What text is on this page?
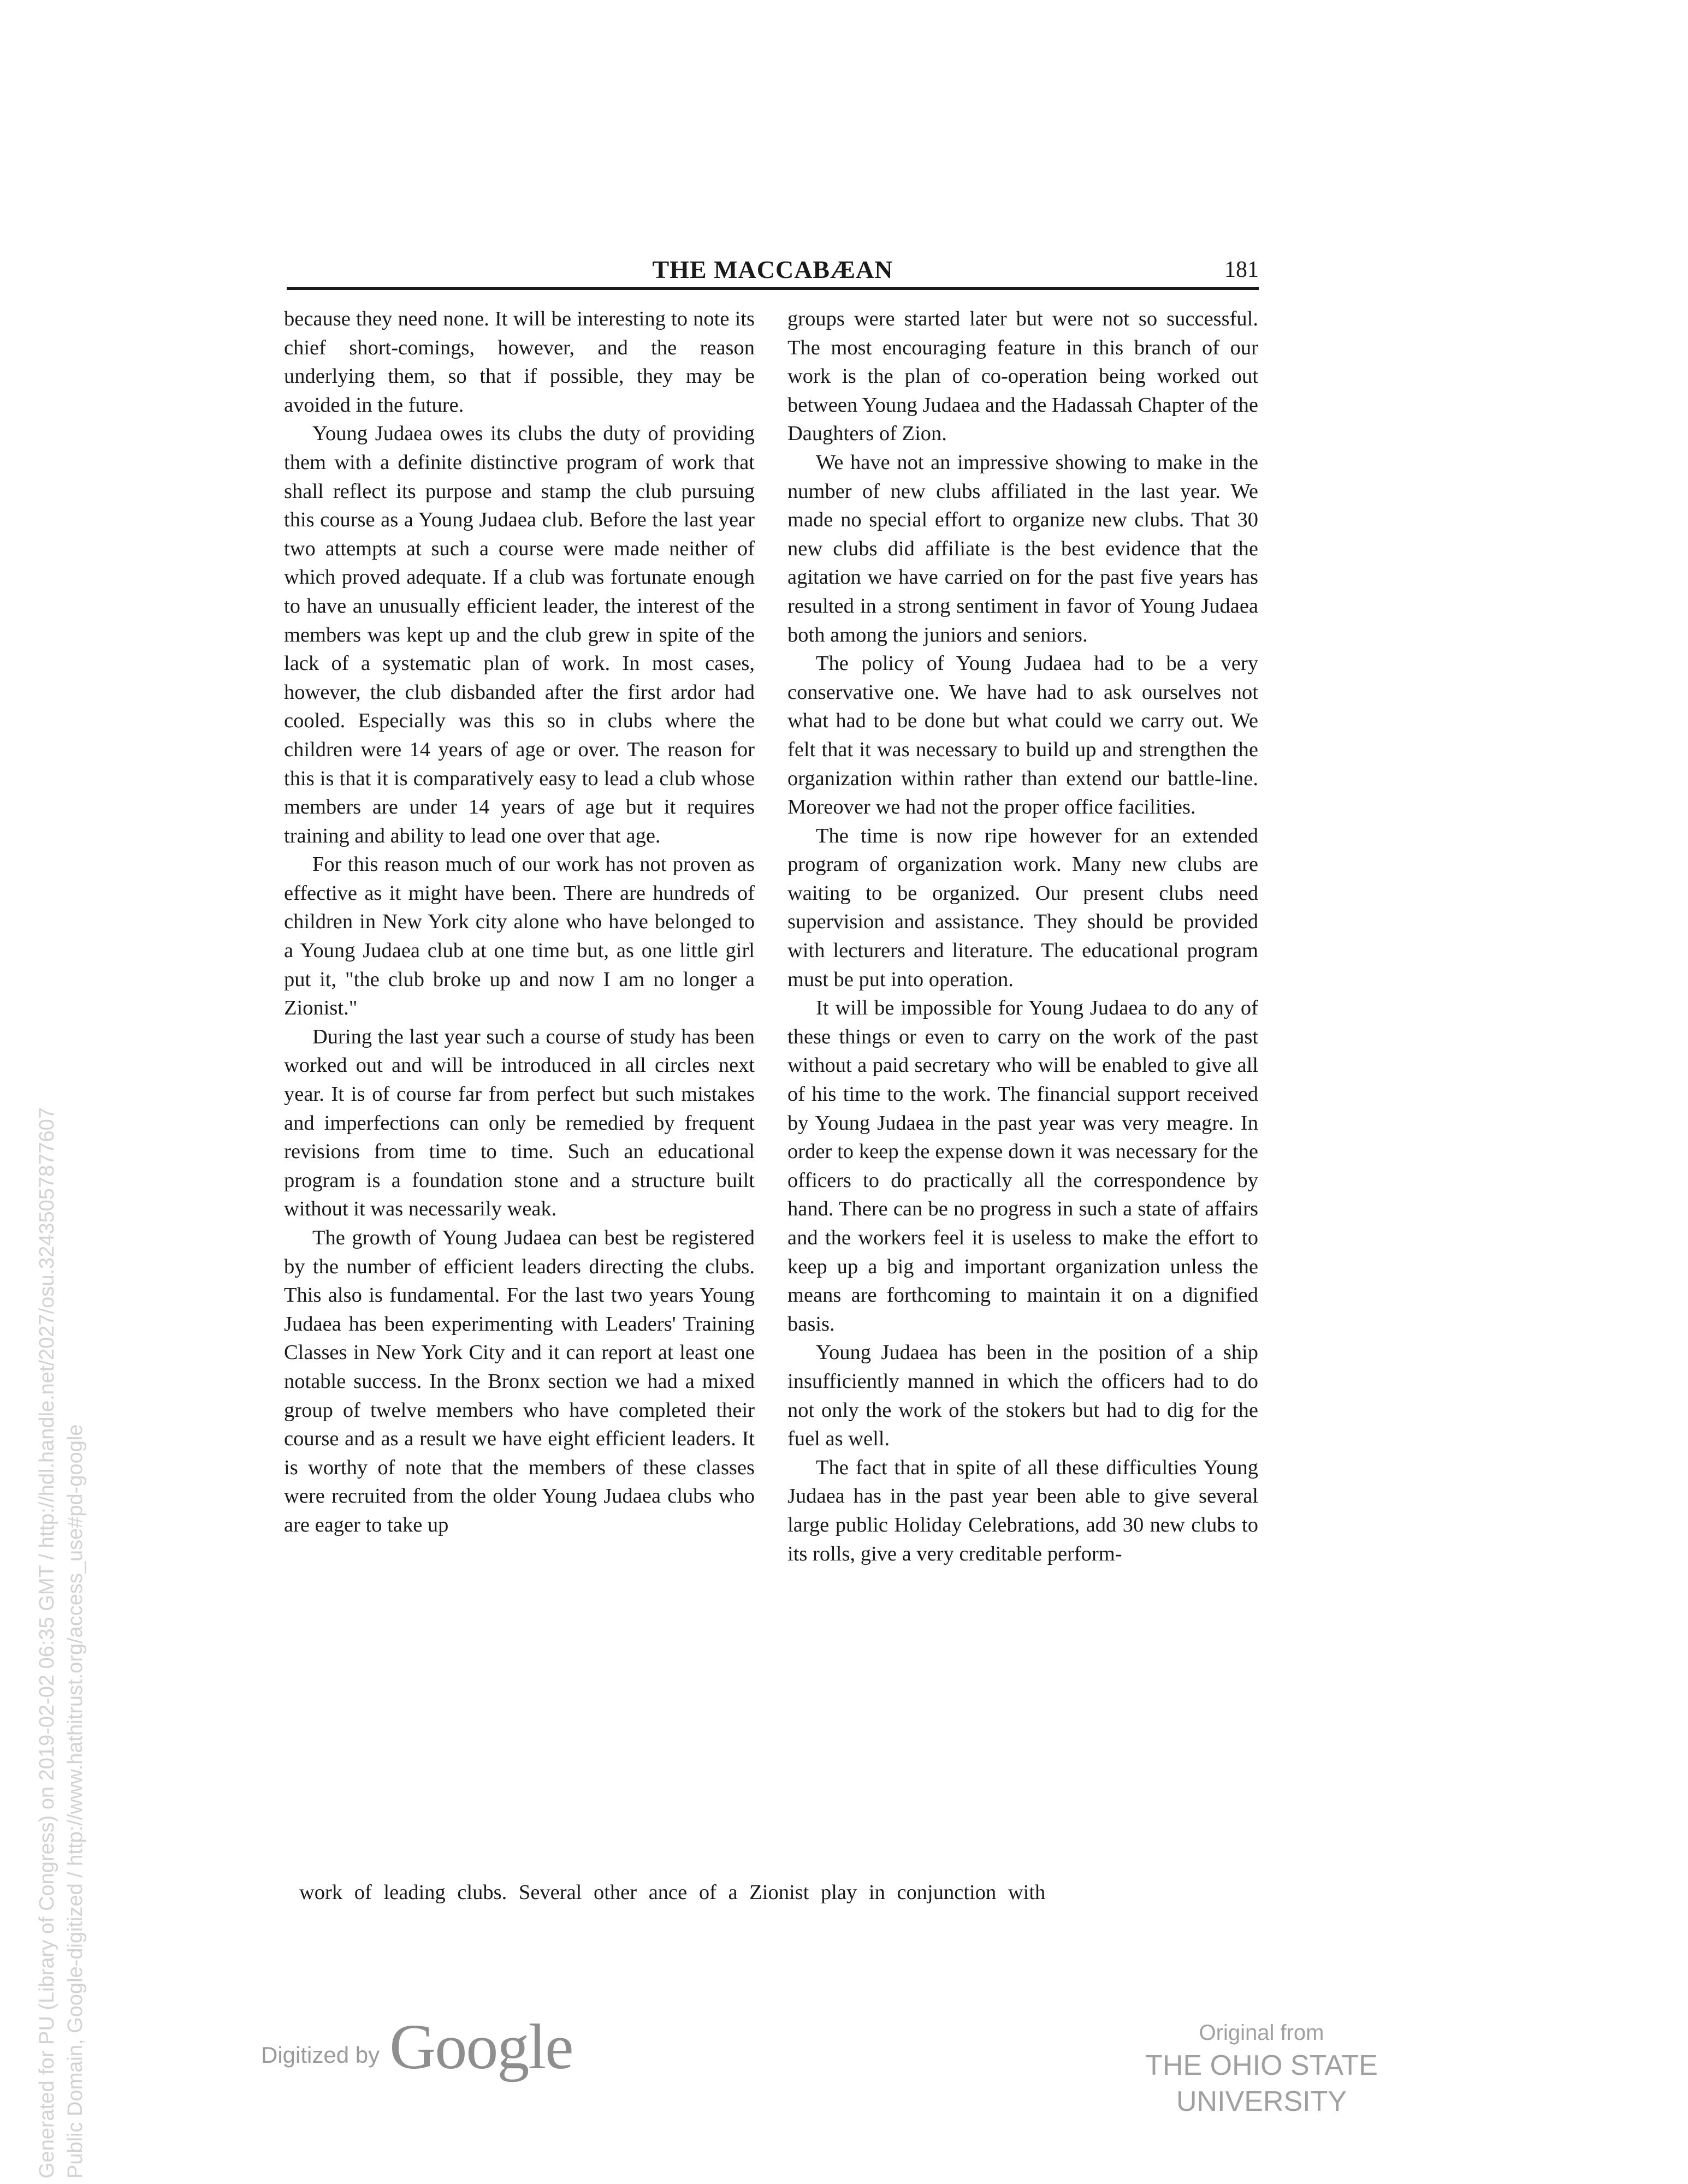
THE MACCABÆAN	181

because they need none. It will be interesting to note its chief short-comings, however, and the reason underlying them, so that if possible, they may be avoided in the future.

Young Judaea owes its clubs the duty of providing them with a definite distinctive program of work that shall reflect its purpose and stamp the club pursuing this course as a Young Judaea club. Before the last year two attempts at such a course were made neither of which proved adequate. If a club was fortunate enough to have an unusually efficient leader, the interest of the members was kept up and the club grew in spite of the lack of a systematic plan of work. In most cases, however, the club disbanded after the first ardor had cooled. Especially was this so in clubs where the children were 14 years of age or over. The reason for this is that it is comparatively easy to lead a club whose members are under 14 years of age but it requires training and ability to lead one over that age.

For this reason much of our work has not proven as effective as it might have been. There are hundreds of children in New York city alone who have belonged to a Young Judaea club at one time but, as one little girl put it, "the club broke up and now I am no longer a Zionist."

During the last year such a course of study has been worked out and will be introduced in all circles next year. It is of course far from perfect but such mistakes and imperfections can only be remedied by frequent revisions from time to time. Such an educational program is a foundation stone and a structure built without it was necessarily weak.

The growth of Young Judaea can best be registered by the number of efficient leaders directing the clubs. This also is fundamental. For the last two years Young Judaea has been experimenting with Leaders' Training Classes in New York City and it can report at least one notable success. In the Bronx section we had a mixed group of twelve members who have completed their course and as a result we have eight efficient leaders. It is worthy of note that the members of these classes were recruited from the older Young Judaea clubs who are eager to take up

groups were started later but were not so successful. The most encouraging feature in this branch of our work is the plan of co-operation being worked out between Young Judaea and the Hadassah Chapter of the Daughters of Zion.

We have not an impressive showing to make in the number of new clubs affiliated in the last year. We made no special effort to organize new clubs. That 30 new clubs did affiliate is the best evidence that the agitation we have carried on for the past five years has resulted in a strong sentiment in favor of Young Judaea both among the juniors and seniors.

The policy of Young Judaea had to be a very conservative one. We have had to ask ourselves not what had to be done but what could we carry out. We felt that it was necessary to build up and strengthen the organization within rather than extend our battle-line. Moreover we had not the proper office facilities.

The time is now ripe however for an extended program of organization work. Many new clubs are waiting to be organized. Our present clubs need supervision and assistance. They should be provided with lecturers and literature. The educational program must be put into operation.

It will be impossible for Young Judaea to do any of these things or even to carry on the work of the past without a paid secretary who will be enabled to give all of his time to the work. The financial support received by Young Judaea in the past year was very meagre. In order to keep the expense down it was necessary for the officers to do practically all the correspondence by hand. There can be no progress in such a state of affairs and the workers feel it is useless to make the effort to keep up a big and important organization unless the means are forthcoming to maintain it on a dignified basis.

Young Judaea has been in the position of a ship insufficiently manned in which the officers had to do not only the work of the stokers but had to dig for the fuel as well.

The fact that in spite of all these difficulties Young Judaea has in the past year been able to give several large public Holiday Celebrations, add 30 new clubs to its rolls, give a very creditable perform-

work of leading clubs. Several other ance of a Zionist play in conjunction with
Digitized by Google	Original from
THE OHIO STATE UNIVERSITY
Generated for PU (Library of Congress) on 2019-02-02 06:35 GMT / http://hdl.handle.net/2027/osu.32435057877607 Public Domain, Google-digitized / http://www.hathitrust.org/access_use#pd-google
